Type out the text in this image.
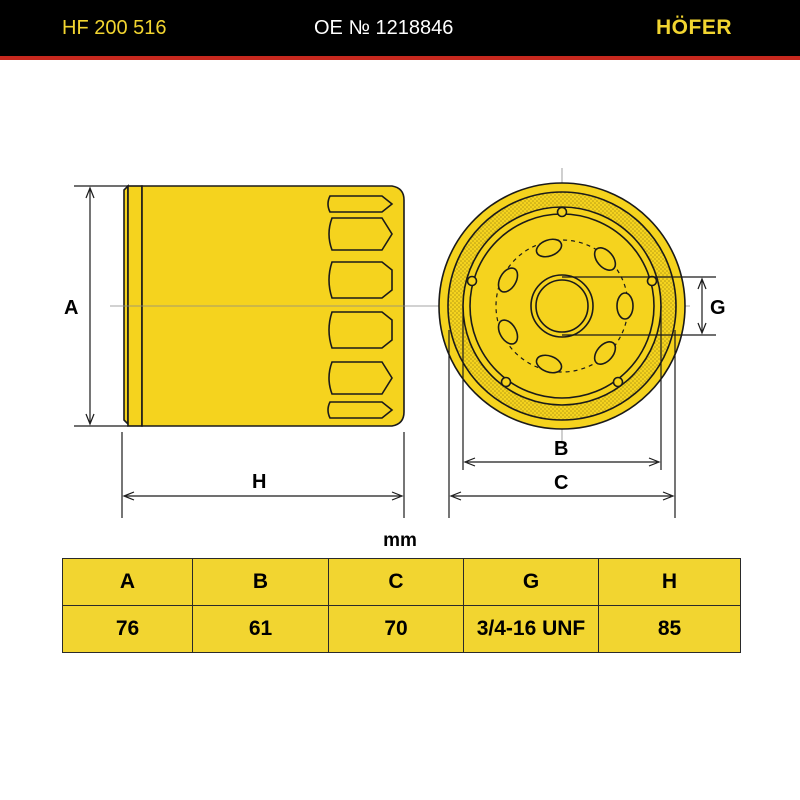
HF 200 516	OE № 1218846	HÖFER
A
H
G
B
C
mm
A	B	C	G	H
76	61	70	3/4-16 UNF	85
